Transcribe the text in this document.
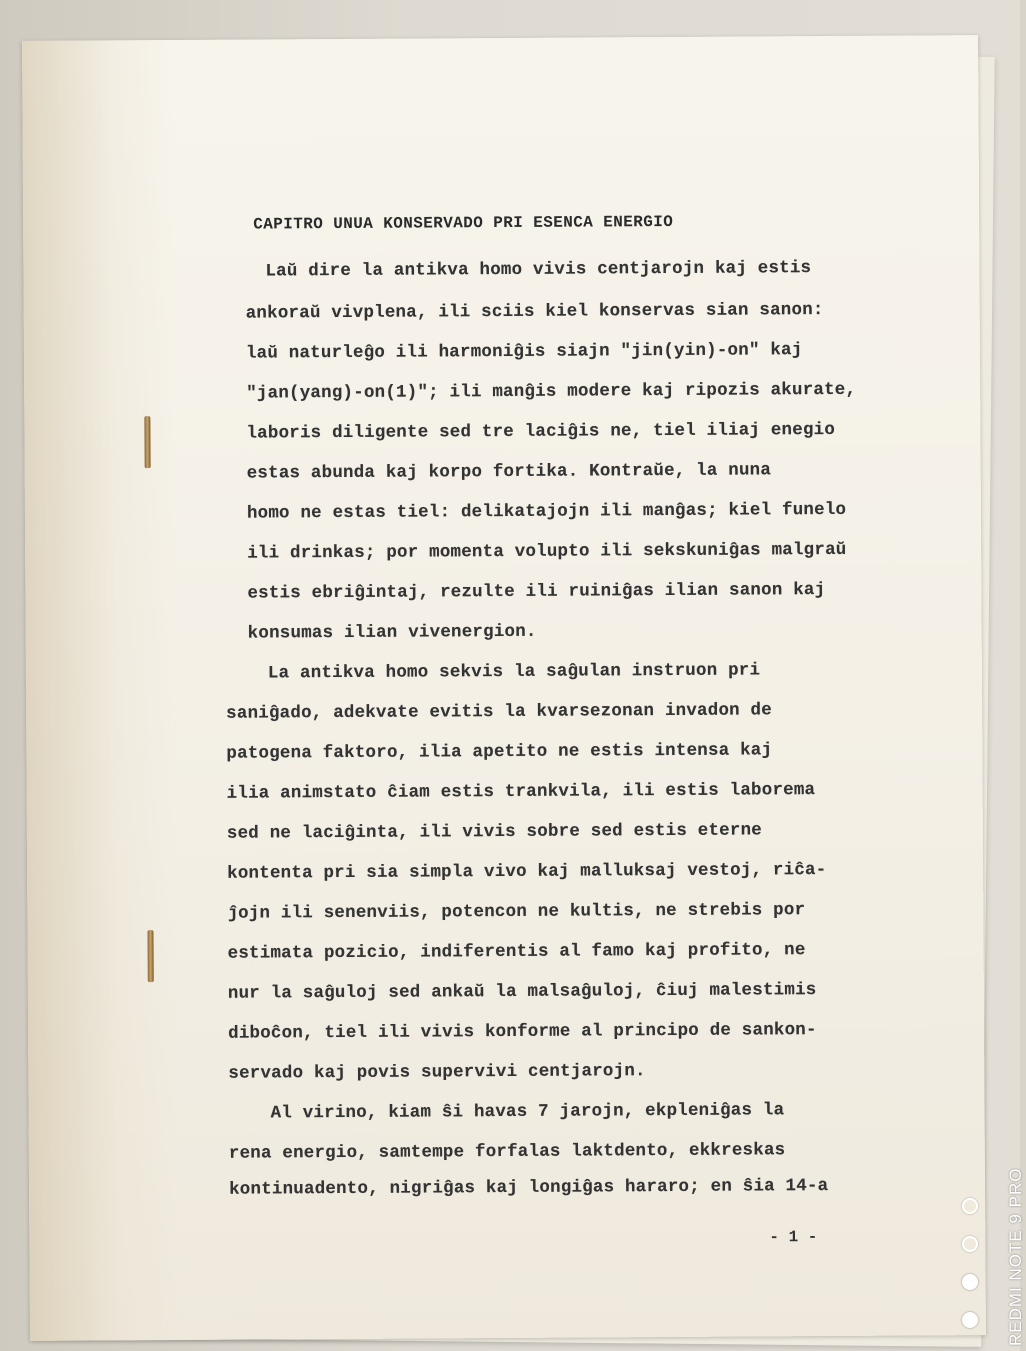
CAPITRO UNUA KONSERVADO PRI ESENCA ENERGIO
Laŭ dire la antikva homo vivis centjarojn kaj estis
ankoraŭ vivplena, ili sciis kiel konservas sian sanon:
laŭ naturleĝo ili harmoniĝis siajn "jin(yin)-on" kaj
"jan(yang)-on(1)"; ili manĝis modere kaj ripozis akurate,
laboris diligente sed tre laciĝis ne, tiel iliaj enegio
estas abunda kaj korpo fortika. Kontraŭe, la nuna
homo ne estas tiel: delikatajojn ili manĝas; kiel funelo
ili drinkas; por momenta volupto ili sekskuniĝas malgraŭ
estis ebriĝintaj, rezulte ili ruiniĝas ilian sanon kaj
konsumas ilian vivenergion.
La antikva homo sekvis la saĝulan instruon pri
saniĝado, adekvate evitis la kvarsezonan invadon de
patogena faktoro, ilia apetito ne estis intensa kaj
ilia animstato ĉiam estis trankvila, ili estis laborema
sed ne laciĝinta, ili vivis sobre sed estis eterne
kontenta pri sia simpla vivo kaj malluksaj vestoj, riĉa-
ĵojn ili senenviis, potencon ne kultis, ne strebis por
estimata pozicio, indiferentis al famo kaj profito, ne
nur la saĝuloj sed ankaŭ la malsaĝuloj, ĉiuj malestimis
diboĉon, tiel ili vivis konforme al principo de sankon-
servado kaj povis supervivi centjarojn.
Al virino, kiam ŝi havas 7 jarojn, ekpleniĝas la
rena energio, samtempe forfalas laktdento, ekkreskas
kontinuadento, nigriĝas kaj longiĝas hararo; en ŝia 14-a
- 1 -	REDMI NOTE 9 PRO
